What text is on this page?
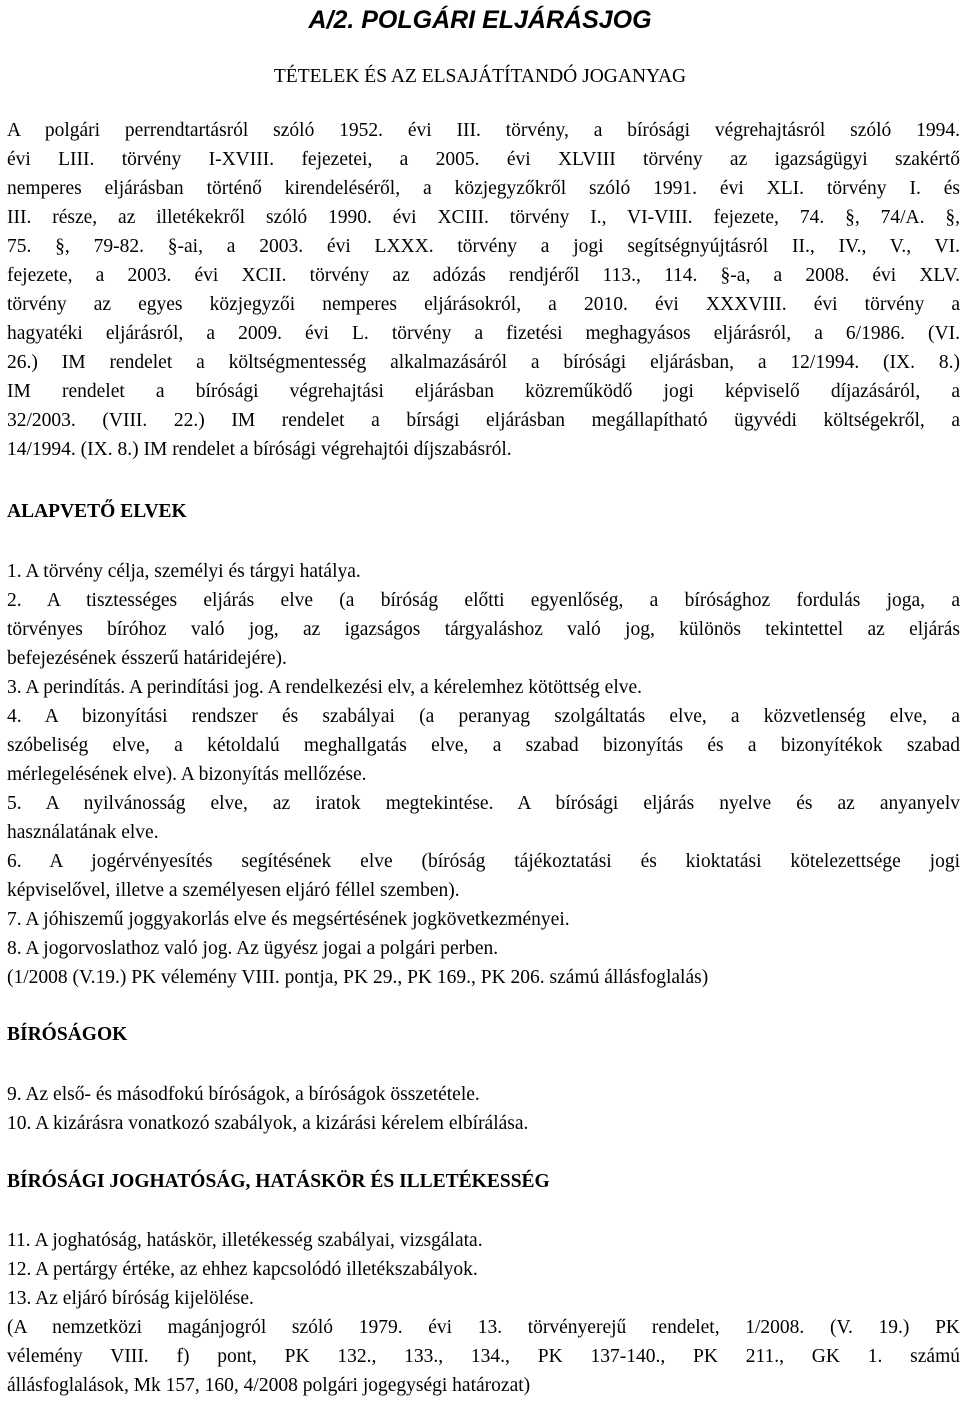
A/2. POLGÁRI ELJÁRÁSJOG
TÉTELEK ÉS AZ ELSAJÁTÍTANDÓ JOGANYAG
A polgári perrendtartásról szóló 1952. évi III. törvény, a bírósági végrehajtásról szóló 1994.
évi LIII. törvény I-XVIII. fejezetei, a 2005. évi XLVIII törvény az igazságügyi szakértő
nemperes eljárásban történő kirendeléséről, a közjegyzőkről szóló 1991. évi XLI. törvény I. és
III. része, az illetékekről szóló 1990. évi XCIII. törvény I., VI-VIII. fejezete, 74. §, 74/A. §,
75. §, 79-82. §-ai, a 2003. évi LXXX. törvény a jogi segítségnyújtásról II., IV., V., VI.
fejezete, a 2003. évi XCII. törvény az adózás rendjéről 113., 114. §-a, a 2008. évi XLV.
törvény az egyes közjegyzői nemperes eljárásokról, a 2010. évi XXXVIII. évi törvény a
hagyatéki eljárásról, a 2009. évi L. törvény a fizetési meghagyásos eljárásról, a 6/1986. (VI.
26.) IM rendelet a költségmentesség alkalmazásáról a bírósági eljárásban, a 12/1994. (IX. 8.)
IM rendelet a bírósági végrehajtási eljárásban közreműködő jogi képviselő díjazásáról, a
32/2003. (VIII. 22.) IM rendelet a bírsági eljárásban megállapítható ügyvédi költségekről, a
14/1994. (IX. 8.) IM rendelet a bírósági végrehajtói díjszabásról.
ALAPVETŐ ELVEK
1. A törvény célja, személyi és tárgyi hatálya.
2. A tisztességes eljárás elve (a bíróság előtti egyenlőség, a bírósághoz fordulás joga, a
törvényes bíróhoz való jog, az igazságos tárgyaláshoz való jog, különös tekintettel az eljárás
befejezésének ésszerű határidejére).
3. A perindítás. A perindítási jog. A rendelkezési elv, a kérelemhez kötöttség elve.
4. A bizonyítási rendszer és szabályai (a peranyag szolgáltatás elve, a közvetlenség elve, a
szóbeliség elve, a kétoldalú meghallgatás elve, a szabad bizonyítás és a bizonyítékok szabad
mérlegelésének elve). A bizonyítás mellőzése.
5. A nyilvánosság elve, az iratok megtekintése. A bírósági eljárás nyelve és az anyanyelv
használatának elve.
6. A jogérvényesítés segítésének elve (bíróság tájékoztatási és kioktatási kötelezettsége jogi
képviselővel, illetve a személyesen eljáró féllel szemben).
7. A jóhiszemű joggyakorlás elve és megsértésének jogkövetkezményei.
8. A jogorvoslathoz való jog. Az ügyész jogai a polgári perben.
(1/2008 (V.19.) PK vélemény VIII. pontja, PK 29., PK 169., PK 206. számú állásfoglalás)
BÍRÓSÁGOK
9. Az első- és másodfokú bíróságok, a bíróságok összetétele.
10. A kizárásra vonatkozó szabályok, a kizárási kérelem elbírálása.
BÍRÓSÁGI JOGHATÓSÁG, HATÁSKÖR ÉS ILLETÉKESSÉG
11. A joghatóság, hatáskör, illetékesség szabályai, vizsgálata.
12. A pertárgy értéke, az ehhez kapcsolódó illetékszabályok.
13. Az eljáró bíróság kijelölése.
(A nemzetközi magánjogról szóló 1979. évi 13. törvényerejű rendelet, 1/2008. (V. 19.) PK
vélemény VIII. f) pont, PK 132., 133., 134., PK 137-140., PK 211., GK 1. számú
állásfoglalások, Mk 157, 160, 4/2008 polgári jogegységi határozat)
